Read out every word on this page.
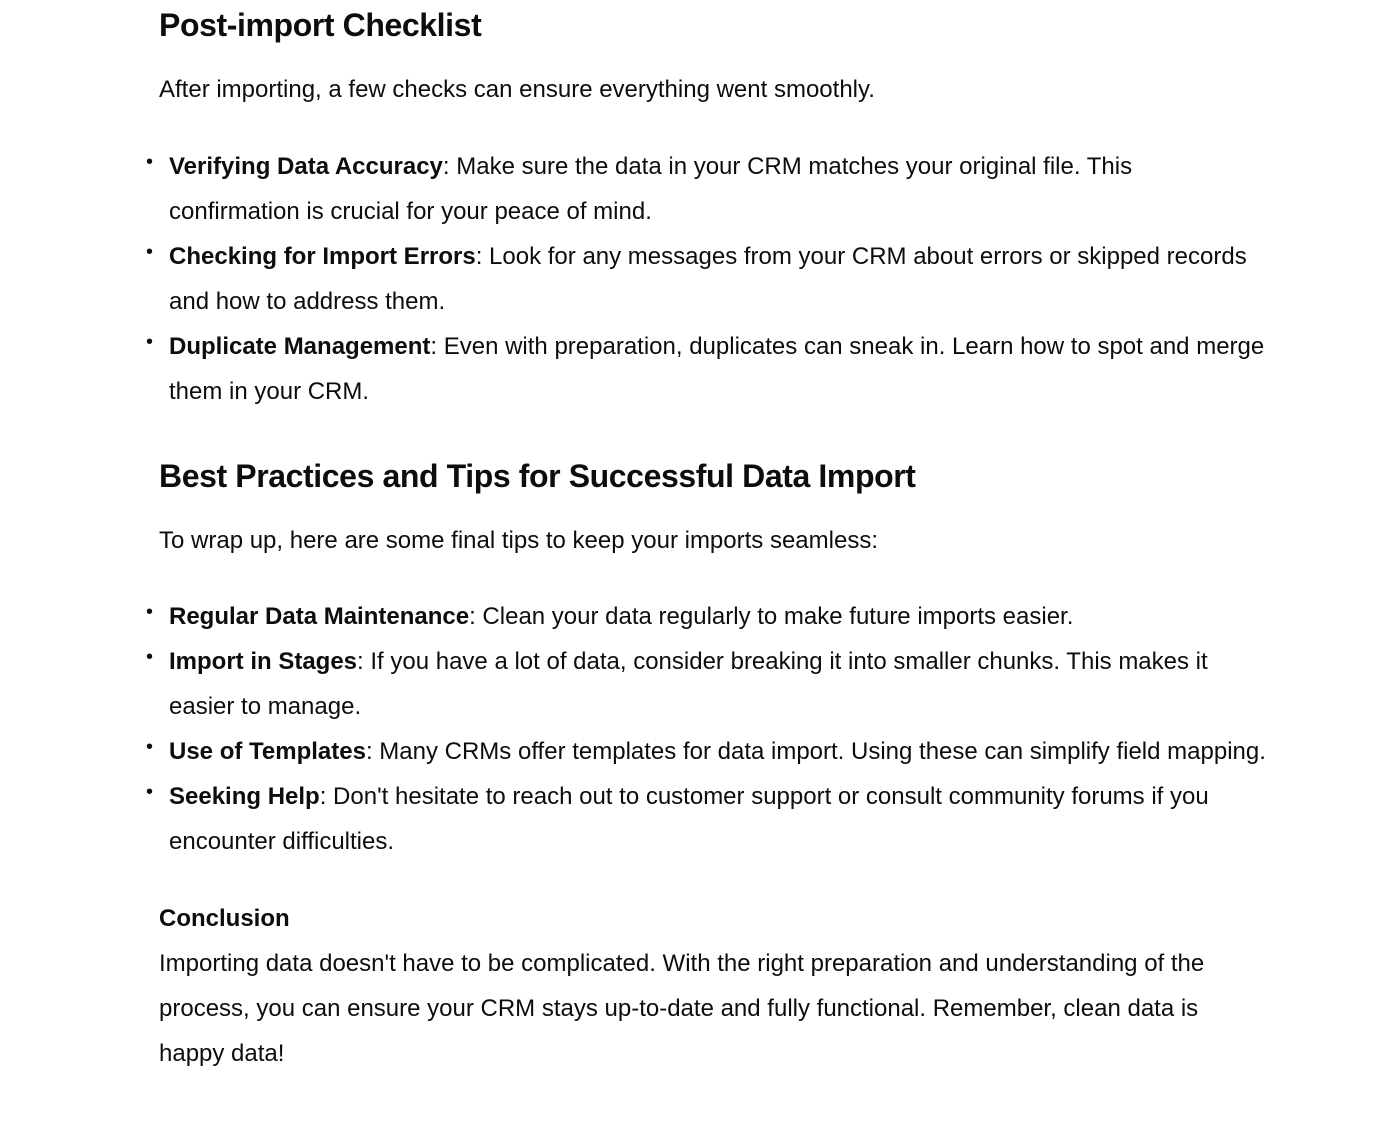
Post-import Checklist

After importing, a few checks can ensure everything went smoothly.

• Verifying Data Accuracy: Make sure the data in your CRM matches your original file. This confirmation is crucial for your peace of mind.
• Checking for Import Errors: Look for any messages from your CRM about errors or skipped records and how to address them.
• Duplicate Management: Even with preparation, duplicates can sneak in. Learn how to spot and merge them in your CRM.
Best Practices and Tips for Successful Data Import

To wrap up, here are some final tips to keep your imports seamless:

• Regular Data Maintenance: Clean your data regularly to make future imports easier.
• Import in Stages: If you have a lot of data, consider breaking it into smaller chunks. This makes it easier to manage.
• Use of Templates: Many CRMs offer templates for data import. Using these can simplify field mapping.
• Seeking Help: Don't hesitate to reach out to customer support or consult community forums if you encounter difficulties.
Conclusion

Importing data doesn't have to be complicated. With the right preparation and understanding of the process, you can ensure your CRM stays up-to-date and fully functional. Remember, clean data is happy data!
